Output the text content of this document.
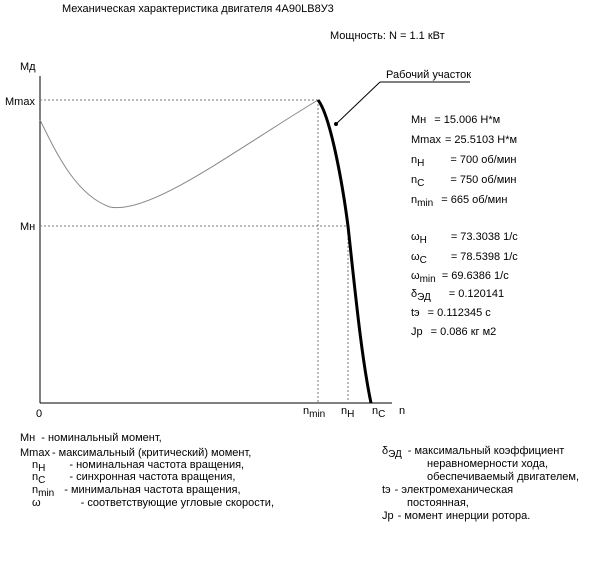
Механическая характеристика двигателя 4А90LB8У3
Мощность: N = 1.1 кВт
Мд
n
0
Mmax
Мн
nmin nН nС
Рабочий участок
Мн = 15.006 Н*м
Mmax = 25.5103 Н*м
nН = 700 об/мин
nС = 750 об/мин
nmin = 665 об/мин
ωН = 73.3038 1/с
ωС = 78.5398 1/с
ωmin = 69.6386 1/с
δЭД = 0.120141
tэ = 0.112345 с
Jр = 0.086 кг м2
Мн - номинальный момент,
Mmax - максимальный (критический) момент,
nН - номинальная частота вращения,
nС - синхронная частота вращения,
nmin - минимальная частота вращения,
ω	- соответствующие угловые скорости,
δЭД - максимальный коэффициент
неравномерности хода,
обеспечиваемый двигателем,
tэ - электромеханическая
постоянная,
Jр - момент инерции ротора.
